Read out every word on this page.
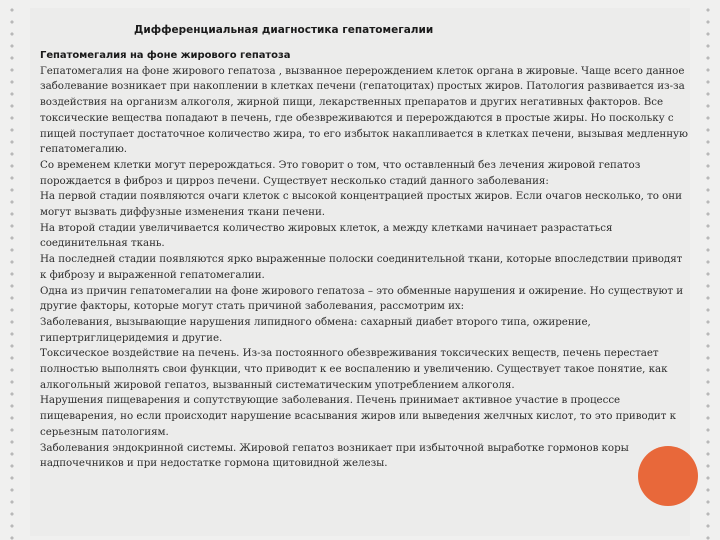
Дифференциальная диагностика гепатомегалии

Гепатомегалия на фоне жирового гепатоза

Гепатомегалия на фоне жирового гепатоза , вызванное перерождением клеток органа в жировые. Чаще всего данное заболевание возникает при накоплении в клетках печени (гепатоцитах) простых жиров. Патология развивается из-за воздействия на организм алкоголя, жирной пищи, лекарственных препаратов и других негативных факторов. Все токсические вещества попадают в печень, где обезвреживаются и перерождаются в простые жиры. Но поскольку с пищей поступает достаточное количество жира, то его избыток накапливается в клетках печени, вызывая медленную гепатомегалию.

Со временем клетки могут перерождаться. Это говорит о том, что оставленный без лечения жировой гепатоз порождается в фиброз и цирроз печени. Существует несколько стадий данного заболевания:

На первой стадии появляются очаги клеток с высокой концентрацией простых жиров. Если очагов несколько, то они могут вызвать диффузные изменения ткани печени.

На второй стадии увеличивается количество жировых клеток, а между клетками начинает разрастаться соединительная ткань.

На последней стадии появляются ярко выраженные полоски соединительной ткани, которые впоследствии приводят к фиброзу и выраженной гепатомегалии.

Одна из причин гепатомегалии на фоне жирового гепатоза – это обменные нарушения и ожирение. Но существуют и другие факторы, которые могут стать причиной заболевания, рассмотрим их:

Заболевания, вызывающие нарушения липидного обмена: сахарный диабет второго типа, ожирение, гипертриглицеридемия и другие.

Токсическое воздействие на печень. Из-за постоянного обезвреживания токсических веществ, печень перестает полностью выполнять свои функции, что приводит к ее воспалению и увеличению. Существует такое понятие, как алкогольный жировой гепатоз, вызванный систематическим употреблением алкоголя.

Нарушения пищеварения и сопутствующие заболевания. Печень принимает активное участие в процессе пищеварения, но если происходит нарушение всасывания жиров или выведения желчных кислот, то это приводит к серьезным патологиям.

Заболевания эндокринной системы. Жировой гепатоз возникает при избыточной выработке гормонов коры надпочечников и при недостатке гормона щитовидной железы.
